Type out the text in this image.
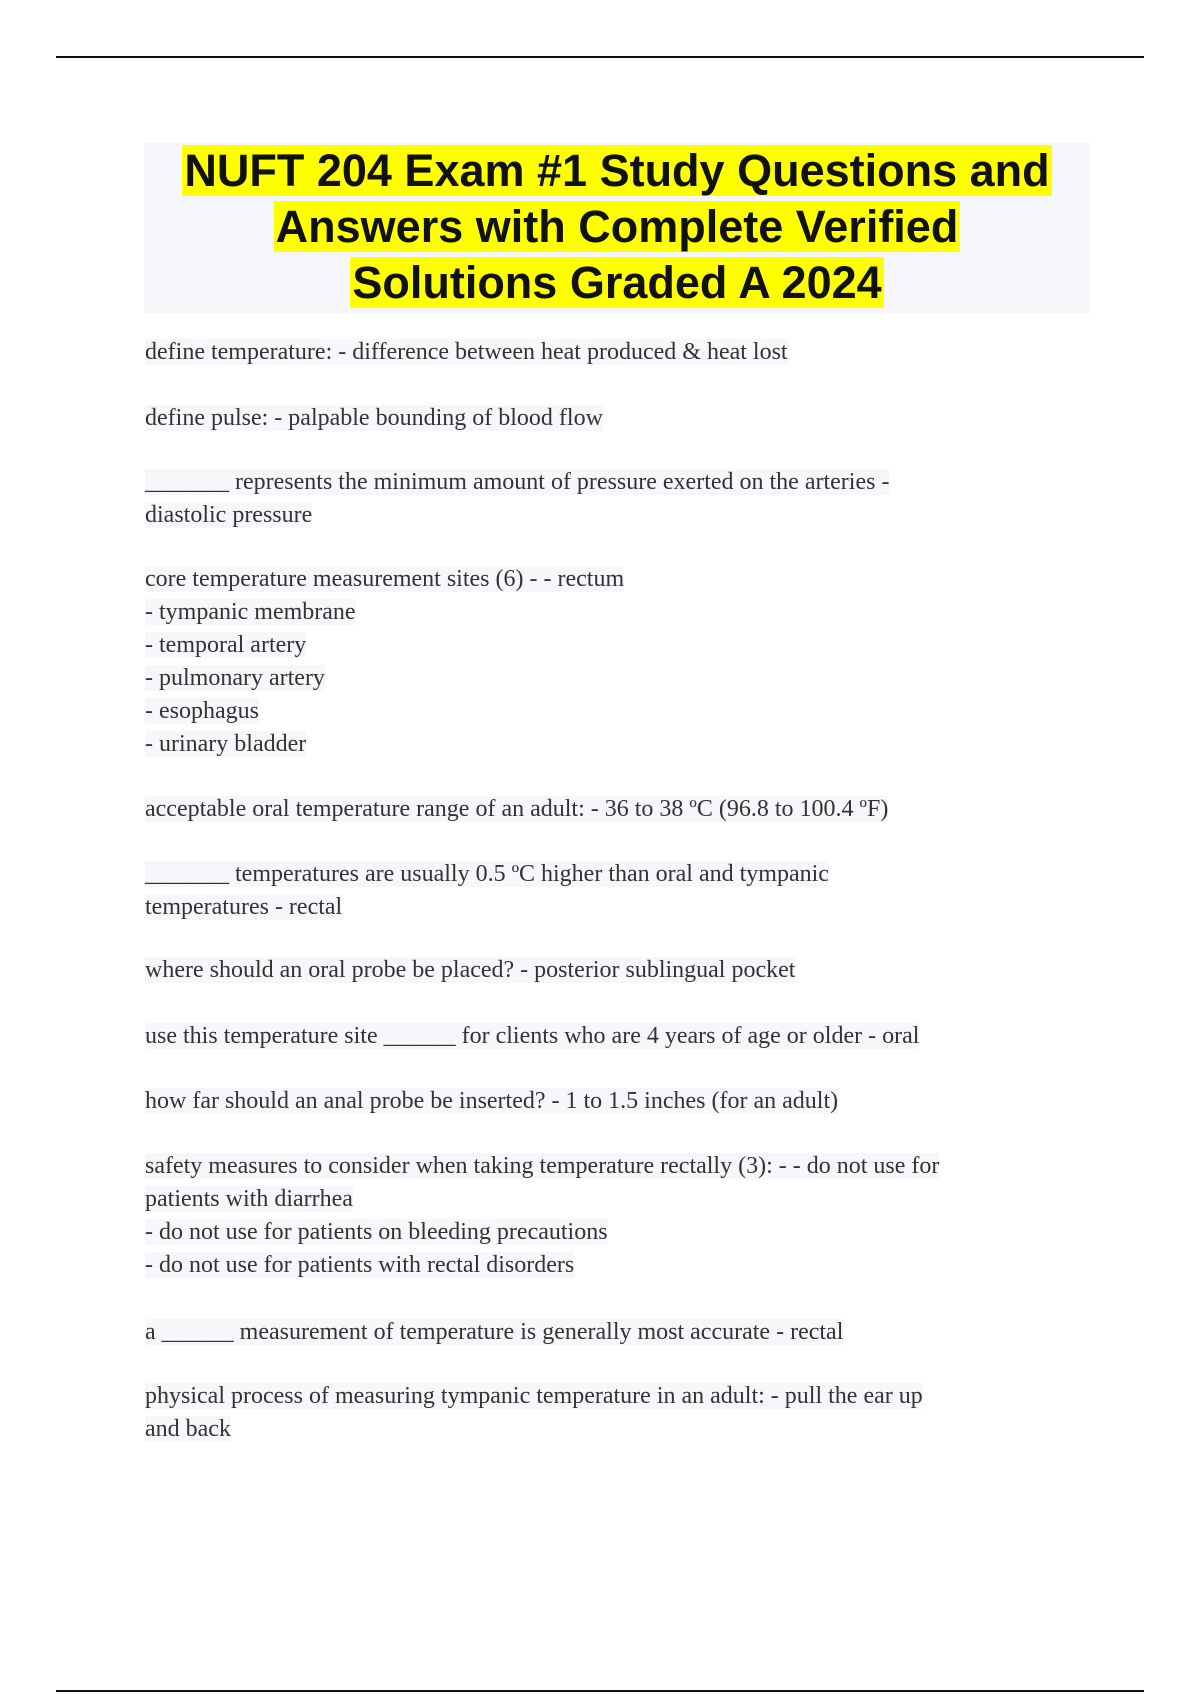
NUFT 204 Exam #1 Study Questions and
Answers with Complete Verified
Solutions Graded A 2024
define temperature: - difference between heat produced & heat lost
define pulse: - palpable bounding of blood flow
_______ represents the minimum amount of pressure exerted on the arteries -
diastolic pressure
core temperature measurement sites (6) - - rectum
- tympanic membrane
- temporal artery
- pulmonary artery
- esophagus
- urinary bladder
acceptable oral temperature range of an adult: - 36 to 38 ºC (96.8 to 100.4 ºF)
_______ temperatures are usually 0.5 ºC higher than oral and tympanic
temperatures - rectal
where should an oral probe be placed? - posterior sublingual pocket
use this temperature site ______ for clients who are 4 years of age or older - oral
how far should an anal probe be inserted? - 1 to 1.5 inches (for an adult)
safety measures to consider when taking temperature rectally (3): - - do not use for
patients with diarrhea
- do not use for patients on bleeding precautions
- do not use for patients with rectal disorders
a ______ measurement of temperature is generally most accurate - rectal
physical process of measuring tympanic temperature in an adult: - pull the ear up
and back
